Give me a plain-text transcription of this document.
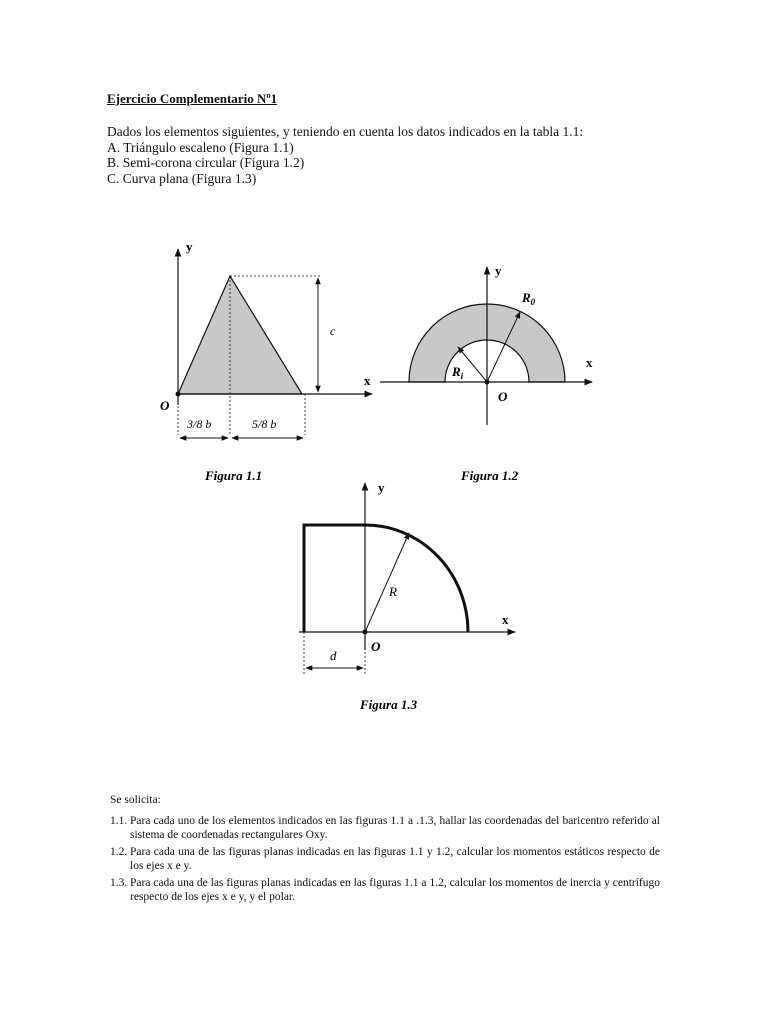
Ejercicio Complementario Nº1
Dados los elementos siguientes, y teniendo en cuenta los datos indicados en la tabla 1.1:
A. Triángulo escaleno (Figura 1.1)
B. Semi-corona circular (Figura 1.2)
C. Curva plana (Figura 1.3)
y
x
O
c
3/8 b	5/8 b
Figura 1.1
y
x
O
$R_0$
$R_i$
Figura 1.2
y
x
O
R
d
Figura 1.3
Se solicita:
1.1. Para cada uno de los elementos indicados en las figuras 1.1 a .1.3, hallar las coordenadas del baricentro referido al sistema de coordenadas rectangulares Oxy.
1.2. Para cada una de las figuras planas indicadas en las figuras 1.1 y 1.2, calcular los momentos estáticos respecto de los ejes x e y.
1.3. Para cada una de las figuras planas indicadas en las figuras 1.1 a 1.2, calcular los momentos de inercia y centrífugo respecto de los ejes x e y, y el polar.
